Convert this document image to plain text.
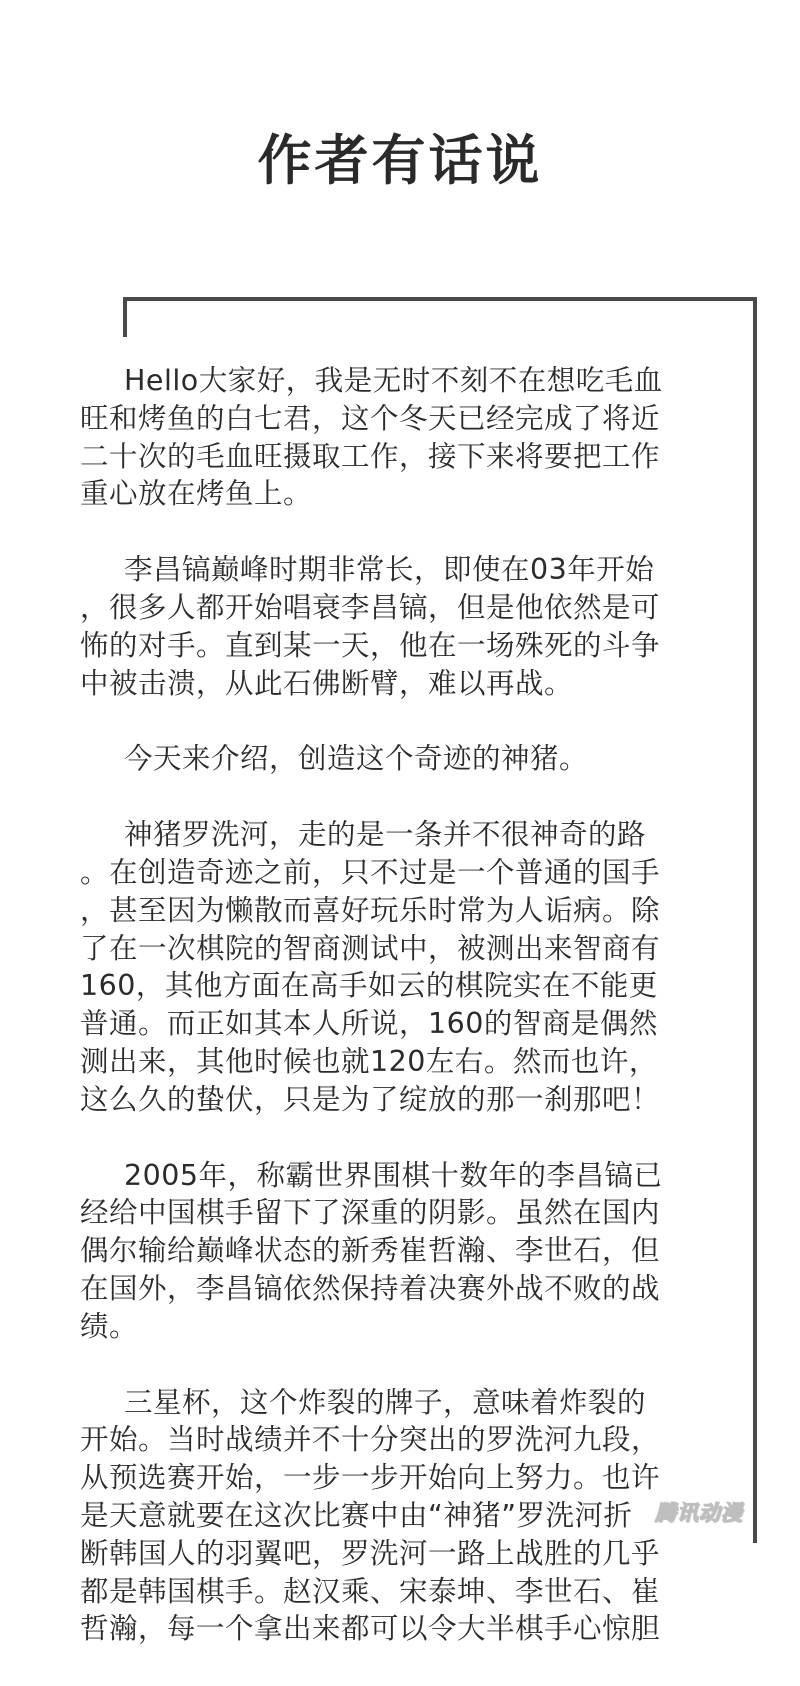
作者有话说

Hello大家好，我是无时不刻不在想吃毛血
旺和烤鱼的白七君，这个冬天已经完成了将近
二十次的毛血旺摄取工作，接下来将要把工作
重心放在烤鱼上。

李昌镐巅峰时期非常长，即使在03年开始
，很多人都开始唱衰李昌镐，但是他依然是可
怖的对手。直到某一天，他在一场殊死的斗争
中被击溃，从此石佛断臂，难以再战。

今天来介绍，创造这个奇迹的神猪。

神猪罗洗河，走的是一条并不很神奇的路
。在创造奇迹之前，只不过是一个普通的国手
，甚至因为懒散而喜好玩乐时常为人诟病。除
了在一次棋院的智商测试中，被测出来智商有
160，其他方面在高手如云的棋院实在不能更
普通。而正如其本人所说，160的智商是偶然
测出来，其他时候也就120左右。然而也许，
这么久的蛰伏，只是为了绽放的那一刹那吧！

2005年，称霸世界围棋十数年的李昌镐已
经给中国棋手留下了深重的阴影。虽然在国内
偶尔输给巅峰状态的新秀崔哲瀚、李世石，但
在国外，李昌镐依然保持着决赛外战不败的战
绩。

三星杯，这个炸裂的牌子，意味着炸裂的
开始。当时战绩并不十分突出的罗洗河九段，
从预选赛开始，一步一步开始向上努力。也许
是天意就要在这次比赛中由“神猪”罗洗河折
断韩国人的羽翼吧，罗洗河一路上战胜的几乎
都是韩国棋手。赵汉乘、宋泰坤、李世石、崔
哲瀚，每一个拿出来都可以令大半棋手心惊胆

腾讯动漫
